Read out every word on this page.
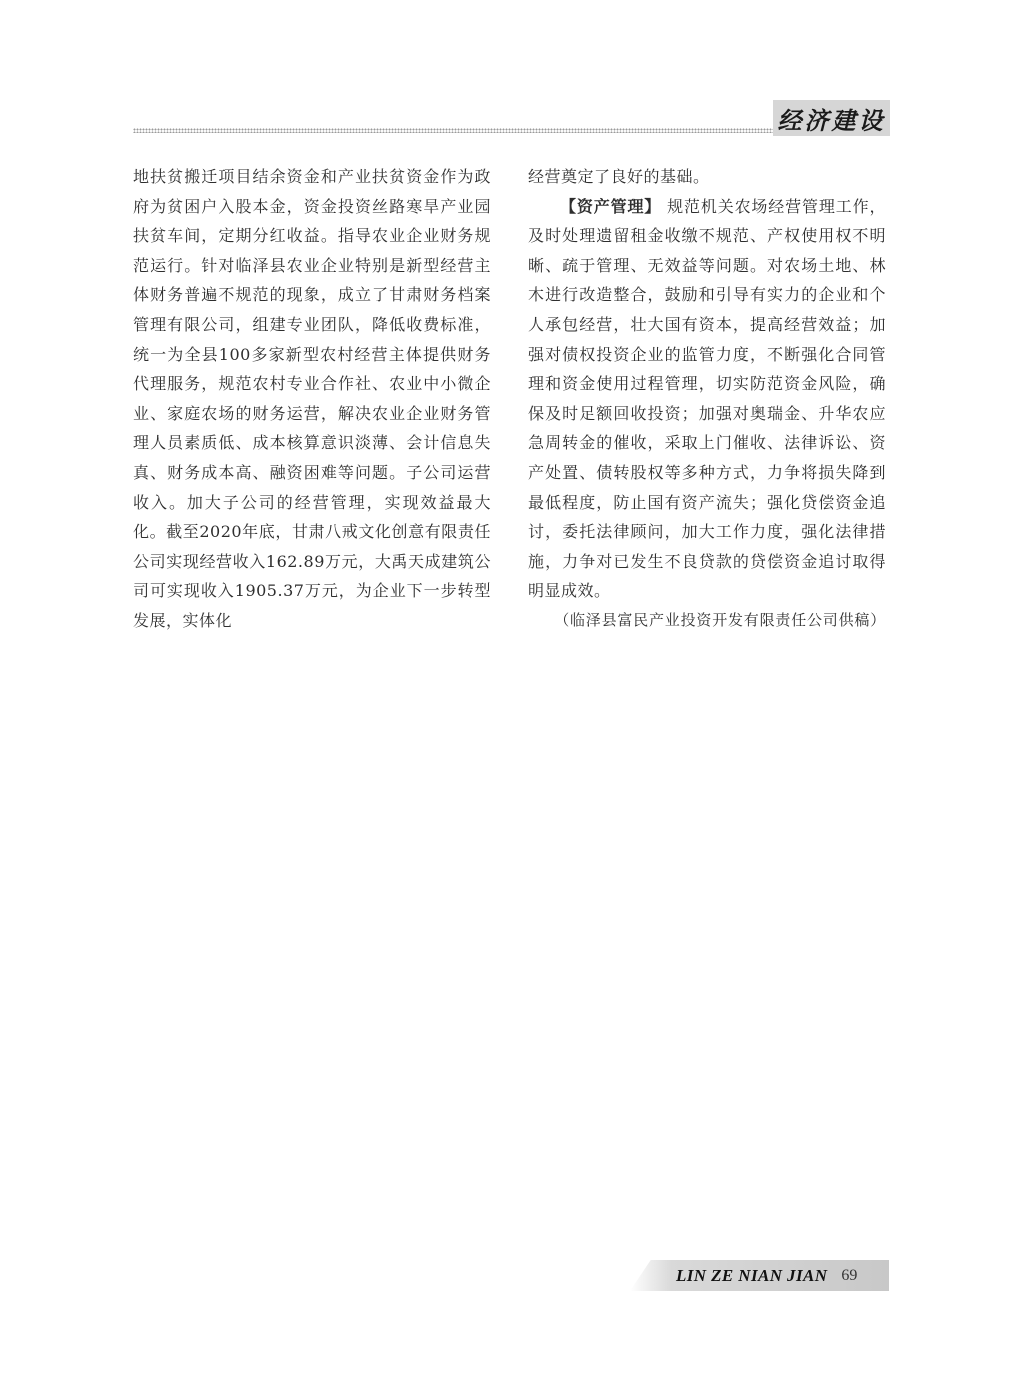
经济建设

地扶贫搬迁项目结余资金和产业扶贫资金作为政府为贫困户入股本金，资金投资丝路寒旱产业园扶贫车间，定期分红收益。指导农业企业财务规范运行。针对临泽县农业企业特别是新型经营主体财务普遍不规范的现象，成立了甘肃财务档案管理有限公司，组建专业团队，降低收费标准，统一为全县100多家新型农村经营主体提供财务代理服务，规范农村专业合作社、农业中小微企业、家庭农场的财务运营，解决农业企业财务管理人员素质低、成本核算意识淡薄、会计信息失真、财务成本高、融资困难等问题。子公司运营收入。加大子公司的经营管理，实现效益最大化。截至2020年底，甘肃八戒文化创意有限责任公司实现经营收入162.89万元，大禹天成建筑公司可实现收入1905.37万元，为企业下一步转型发展，实体化

经营奠定了良好的基础。

【资产管理】 规范机关农场经营管理工作，及时处理遗留租金收缴不规范、产权使用权不明晰、疏于管理、无效益等问题。对农场土地、林木进行改造整合，鼓励和引导有实力的企业和个人承包经营，壮大国有资本，提高经营效益；加强对债权投资企业的监管力度，不断强化合同管理和资金使用过程管理，切实防范资金风险，确保及时足额回收投资；加强对奥瑞金、升华农应急周转金的催收，采取上门催收、法律诉讼、资产处置、债转股权等多种方式，力争将损失降到最低程度，防止国有资产流失；强化贷偿资金追讨，委托法律顾问，加大工作力度，强化法律措施，力争对已发生不良贷款的贷偿资金追讨取得明显成效。

（临泽县富民产业投资开发有限责任公司供稿）

LIN ZE NIAN JIAN 69
